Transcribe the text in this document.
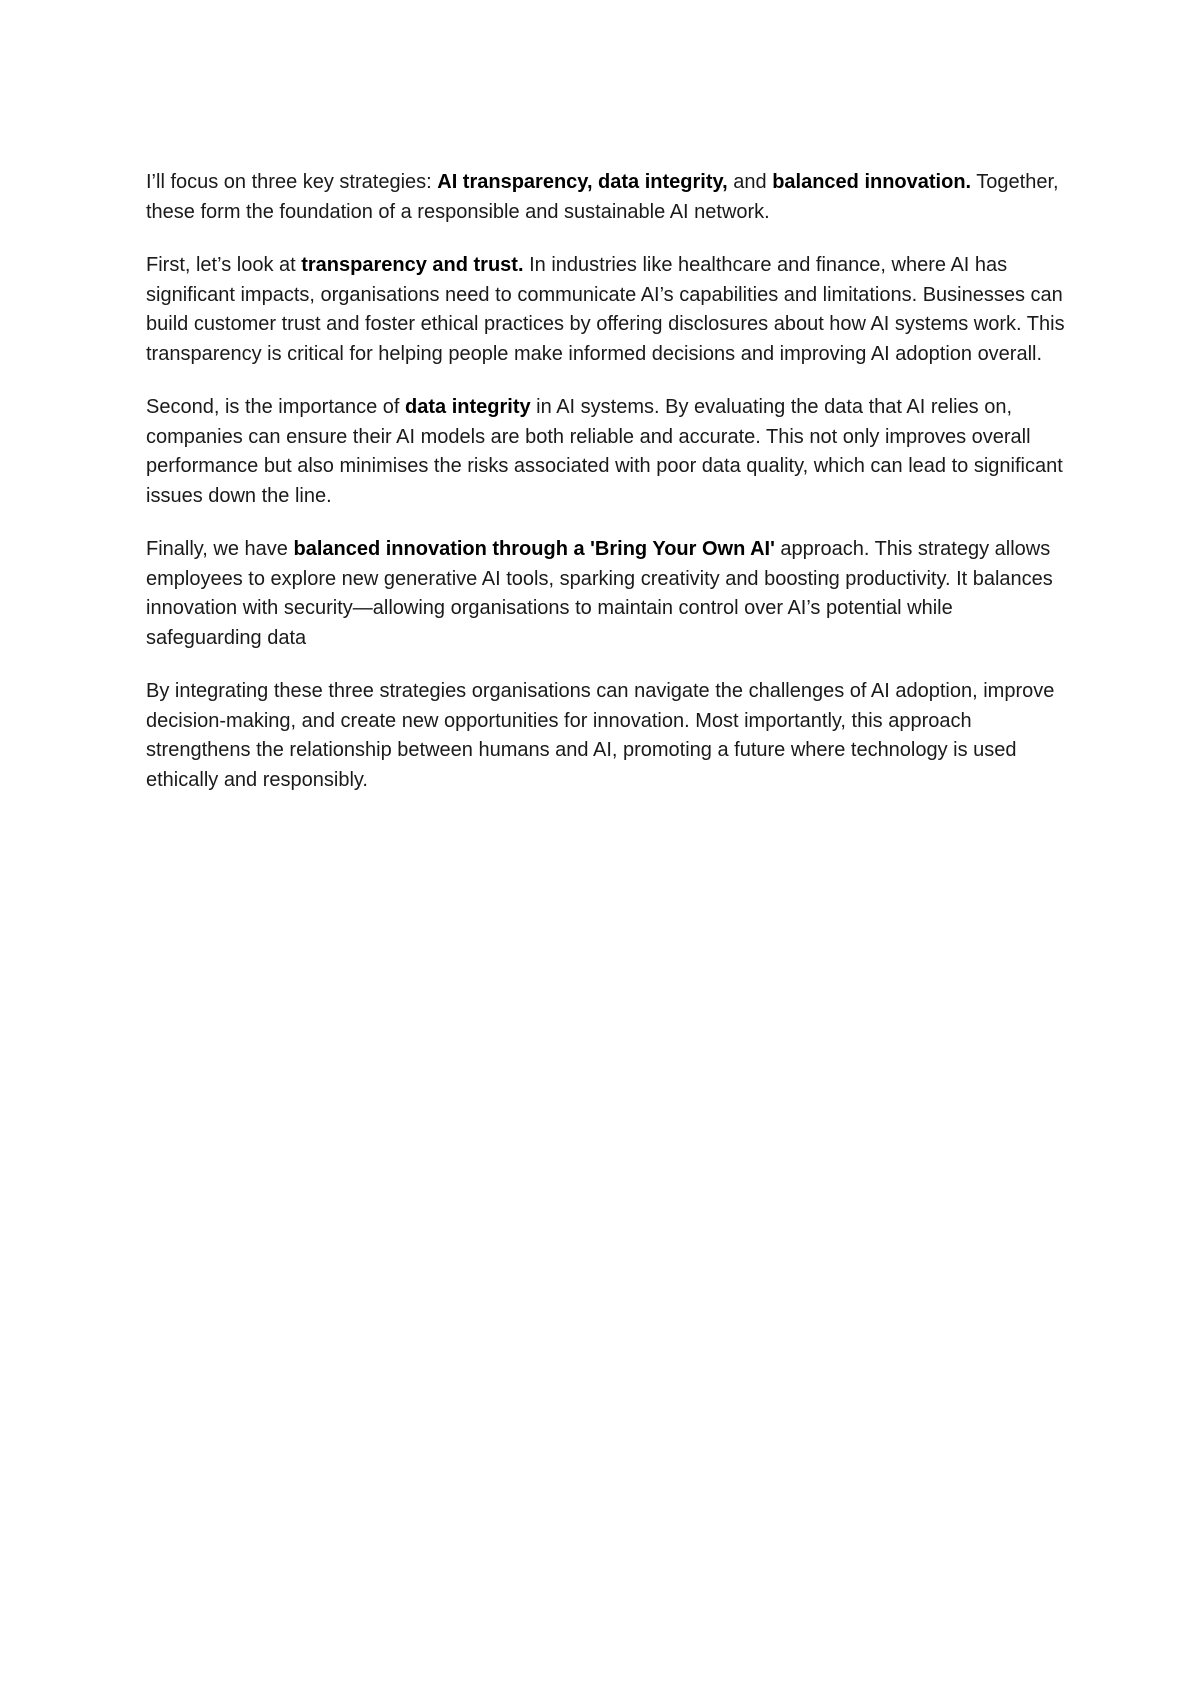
I’ll focus on three key strategies: AI transparency, data integrity, and balanced innovation. Together, these form the foundation of a responsible and sustainable AI network.

First, let’s look at transparency and trust. In industries like healthcare and finance, where AI has significant impacts, organisations need to communicate AI’s capabilities and limitations. Businesses can build customer trust and foster ethical practices by offering disclosures about how AI systems work. This transparency is critical for helping people make informed decisions and improving AI adoption overall.

Second, is the importance of data integrity in AI systems. By evaluating the data that AI relies on, companies can ensure their AI models are both reliable and accurate. This not only improves overall performance but also minimises the risks associated with poor data quality, which can lead to significant issues down the line.

Finally, we have balanced innovation through a 'Bring Your Own AI' approach. This strategy allows employees to explore new generative AI tools, sparking creativity and boosting productivity. It balances innovation with security—allowing organisations to maintain control over AI’s potential while safeguarding data

By integrating these three strategies organisations can navigate the challenges of AI adoption, improve decision-making, and create new opportunities for innovation. Most importantly, this approach strengthens the relationship between humans and AI, promoting a future where technology is used ethically and responsibly.
